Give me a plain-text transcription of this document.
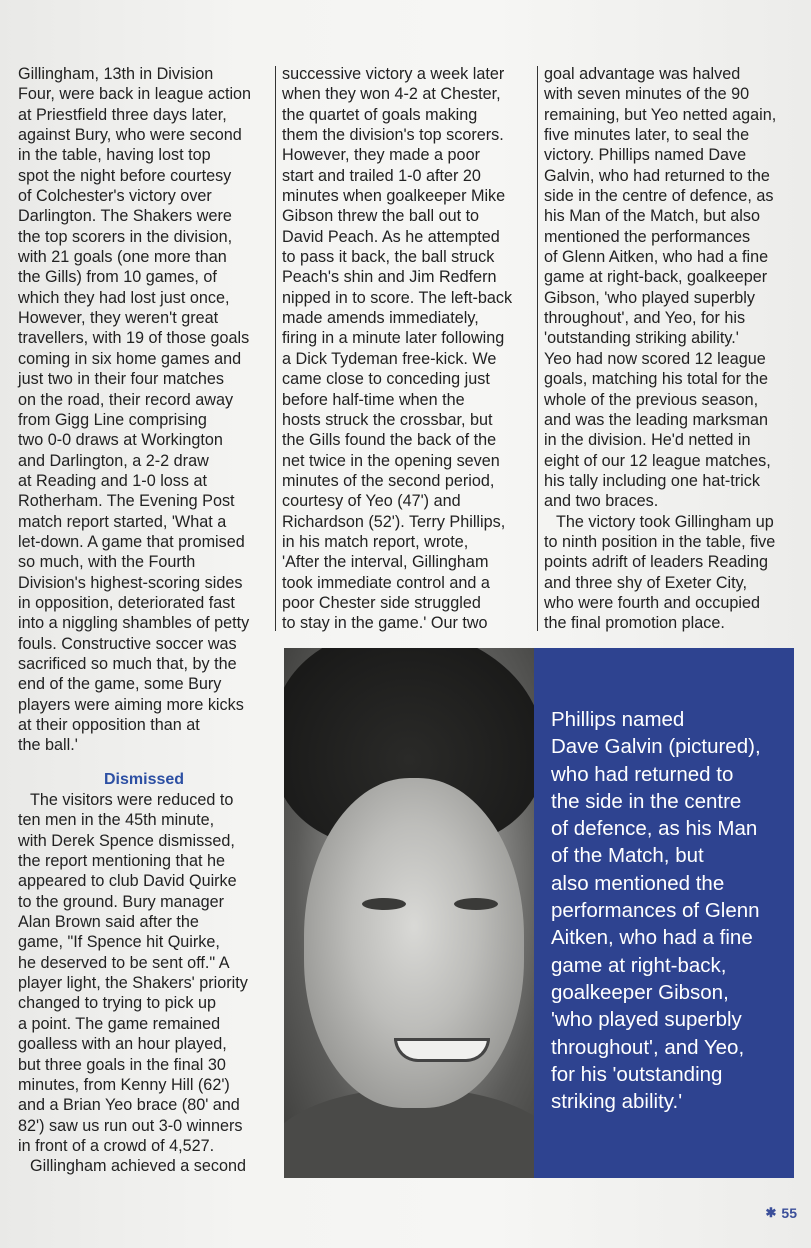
Gillingham, 13th in Division
Four, were back in league action
at Priestfield three days later,
against Bury, who were second
in the table, having lost top
spot the night before courtesy
of Colchester's victory over
Darlington. The Shakers were
the top scorers in the division,
with 21 goals (one more than
the Gills) from 10 games, of
which they had lost just once,
However, they weren't great
travellers, with 19 of those goals
coming in six home games and
just two in their four matches
on the road, their record away
from Gigg Line comprising
two 0-0 draws at Workington
and Darlington, a 2-2 draw
at Reading and 1-0 loss at
Rotherham. The Evening Post
match report started, 'What a
let-down. A game that promised
so much, with the Fourth
Division's highest-scoring sides
in opposition, deteriorated fast
into a niggling shambles of petty
fouls. Constructive soccer was
sacrificed so much that, by the
end of the game, some Bury
players were aiming more kicks
at their opposition than at
the ball.'

Dismissed

The visitors were reduced to
ten men in the 45th minute,
with Derek Spence dismissed,
the report mentioning that he
appeared to club David Quirke
to the ground. Bury manager
Alan Brown said after the
game, "If Spence hit Quirke,
he deserved to be sent off." A
player light, the Shakers' priority
changed to trying to pick up
a point. The game remained
goalless with an hour played,
but three goals in the final 30
minutes, from Kenny Hill (62')
and a Brian Yeo brace (80' and
82') saw us run out 3-0 winners
in front of a crowd of 4,527.

Gillingham achieved a second

successive victory a week later
when they won 4-2 at Chester,
the quartet of goals making
them the division's top scorers.
However, they made a poor
start and trailed 1-0 after 20
minutes when goalkeeper Mike
Gibson threw the ball out to
David Peach. As he attempted
to pass it back, the ball struck
Peach's shin and Jim Redfern
nipped in to score. The left-back
made amends immediately,
firing in a minute later following
a Dick Tydeman free-kick. We
came close to conceding just
before half-time when the
hosts struck the crossbar, but
the Gills found the back of the
net twice in the opening seven
minutes of the second period,
courtesy of Yeo (47') and
Richardson (52'). Terry Phillips,
in his match report, wrote,
'After the interval, Gillingham
took immediate control and a
poor Chester side struggled
to stay in the game.' Our two

goal advantage was halved
with seven minutes of the 90
remaining, but Yeo netted again,
five minutes later, to seal the
victory. Phillips named Dave
Galvin, who had returned to the
side in the centre of defence, as
his Man of the Match, but also
mentioned the performances
of Glenn Aitken, who had a fine
game at right-back, goalkeeper
Gibson, 'who played superbly
throughout', and Yeo, for his
'outstanding striking ability.'
Yeo had now scored 12 league
goals, matching his total for the
whole of the previous season,
and was the leading marksman
in the division. He'd netted in
eight of our 12 league matches,
his tally including one hat-trick
and two braces.

The victory took Gillingham up
to ninth position in the table, five
points adrift of leaders Reading
and three shy of Exeter City,
who were fourth and occupied
the final promotion place.

Phillips named
Dave Galvin (pictured),
who had returned to
the side in the centre
of defence, as his Man
of the Match, but
also mentioned the
performances of Glenn
Aitken, who had a fine
game at right-back,
goalkeeper Gibson,
'who played superbly
throughout', and Yeo,
for his 'outstanding
striking ability.'

✱ 55
